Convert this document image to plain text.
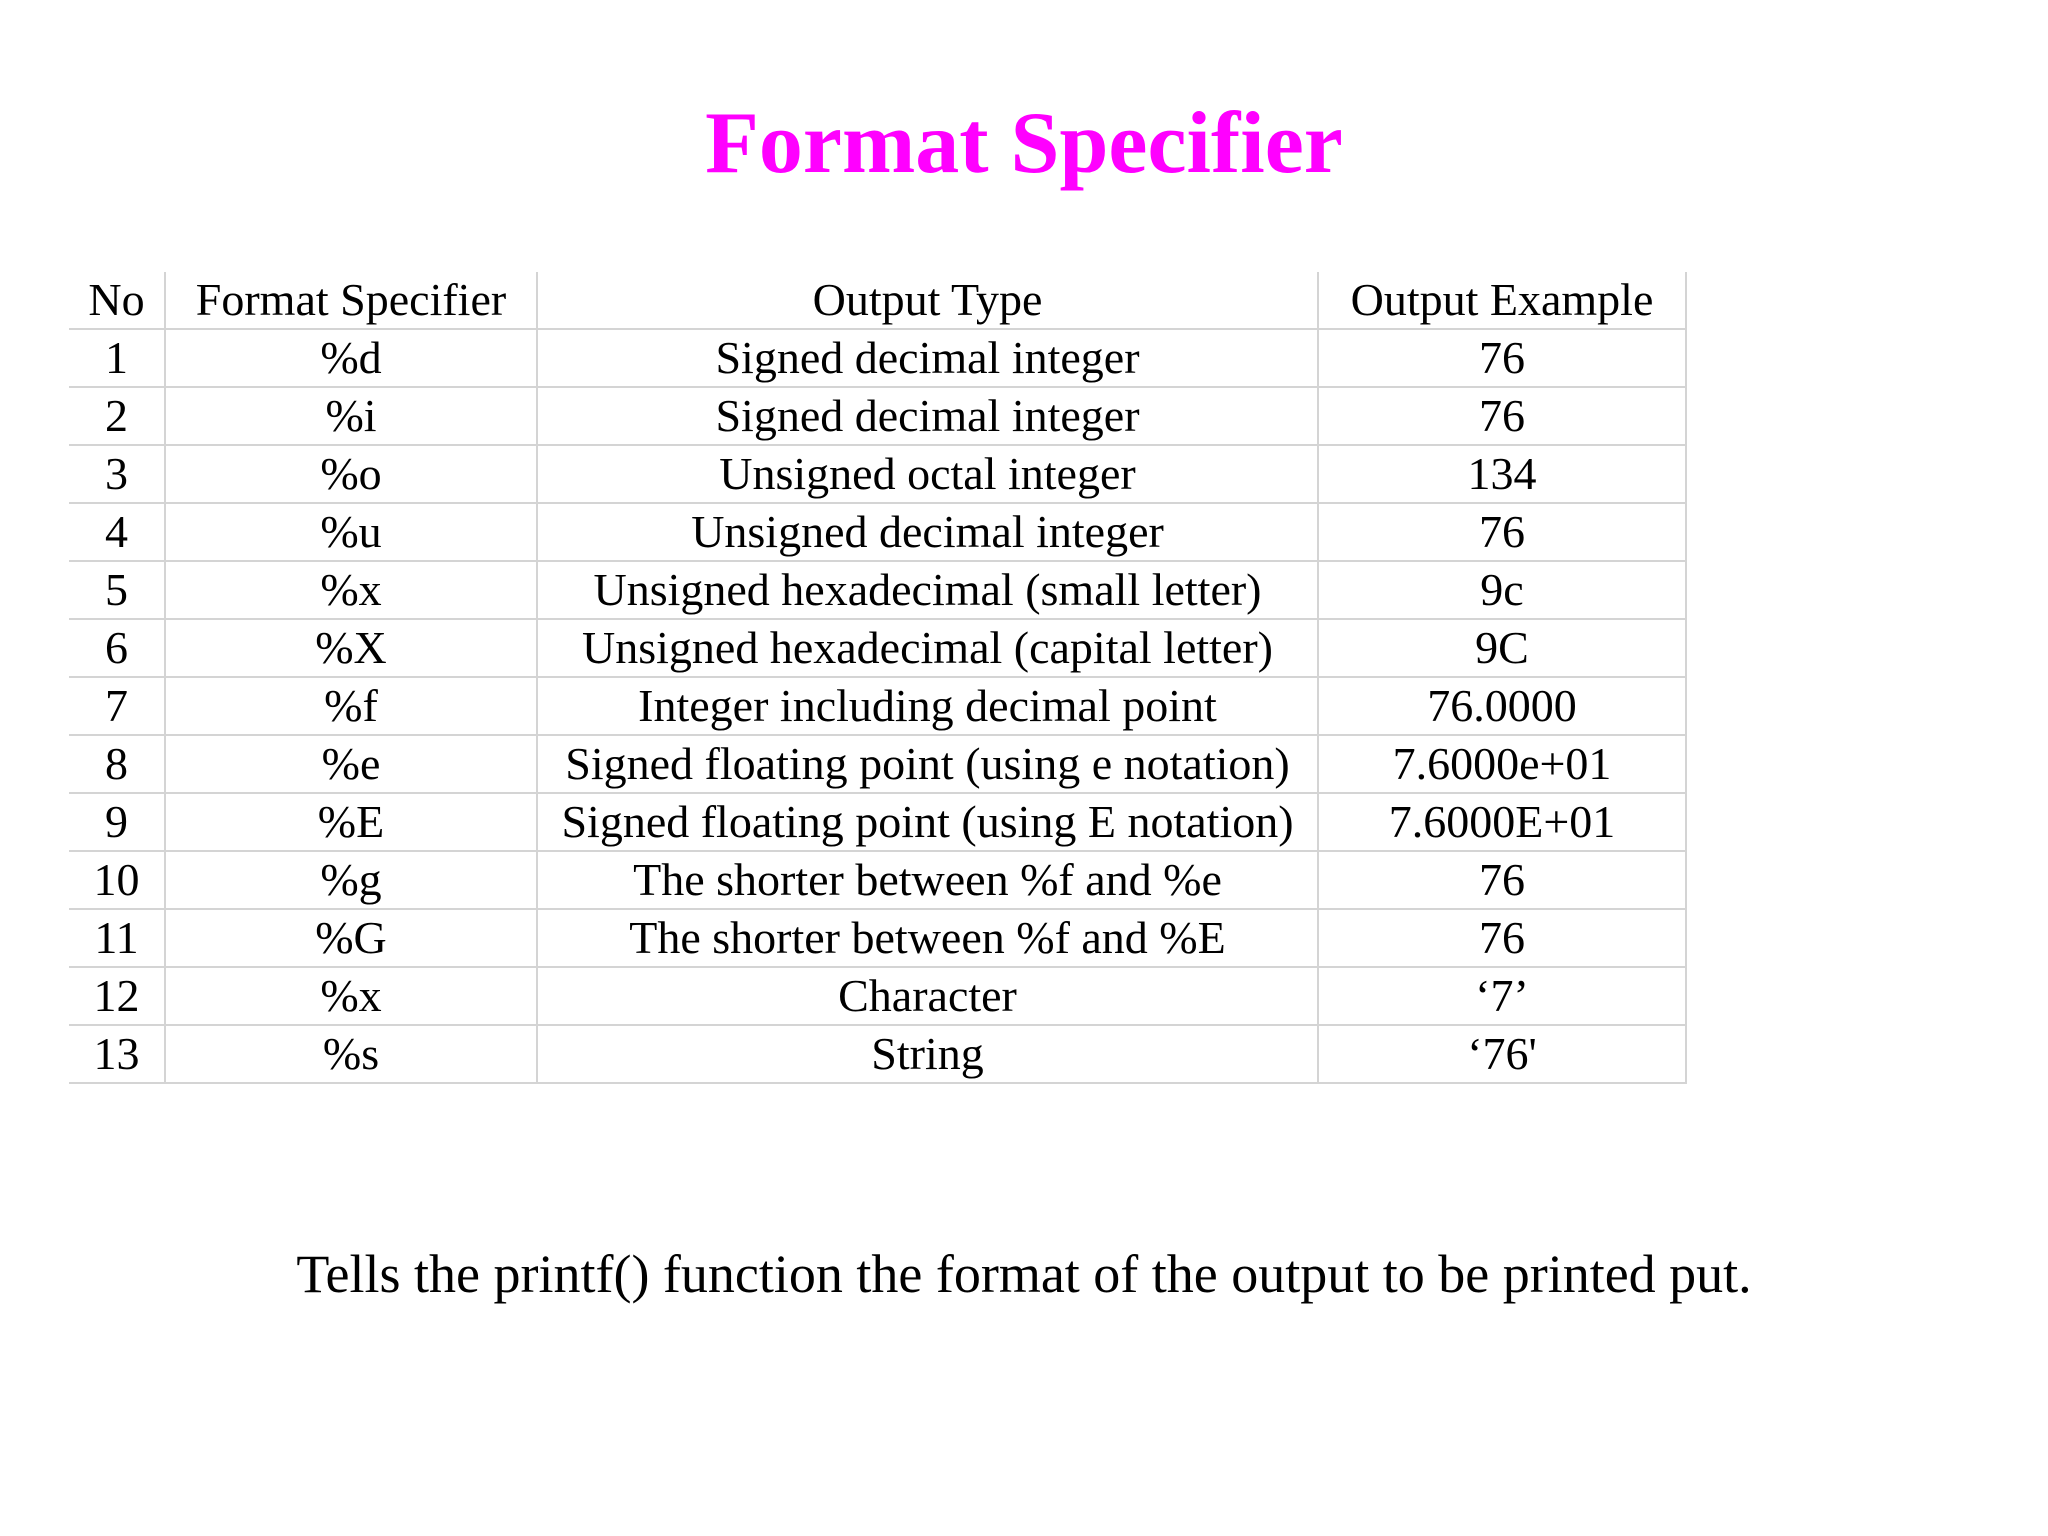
Format Specifier
No	Format Specifier	Output Type	Output Example
1	%d	Signed decimal integer	76
2	%i	Signed decimal integer	76
3	%o	Unsigned octal integer	134
4	%u	Unsigned decimal integer	76
5	%x	Unsigned hexadecimal (small letter)	9c
6	%X	Unsigned hexadecimal (capital letter)	9C
7	%f	Integer including decimal point	76.0000
8	%e	Signed floating point (using e notation)	7.6000e+01
9	%E	Signed floating point (using E notation)	7.6000E+01
10	%g	The shorter between %f and %e	76
11	%G	The shorter between %f and %E	76
12	%x	Character	‘7’
13	%s	String	‘76'

Tells the printf() function the format of the output to be printed put.
